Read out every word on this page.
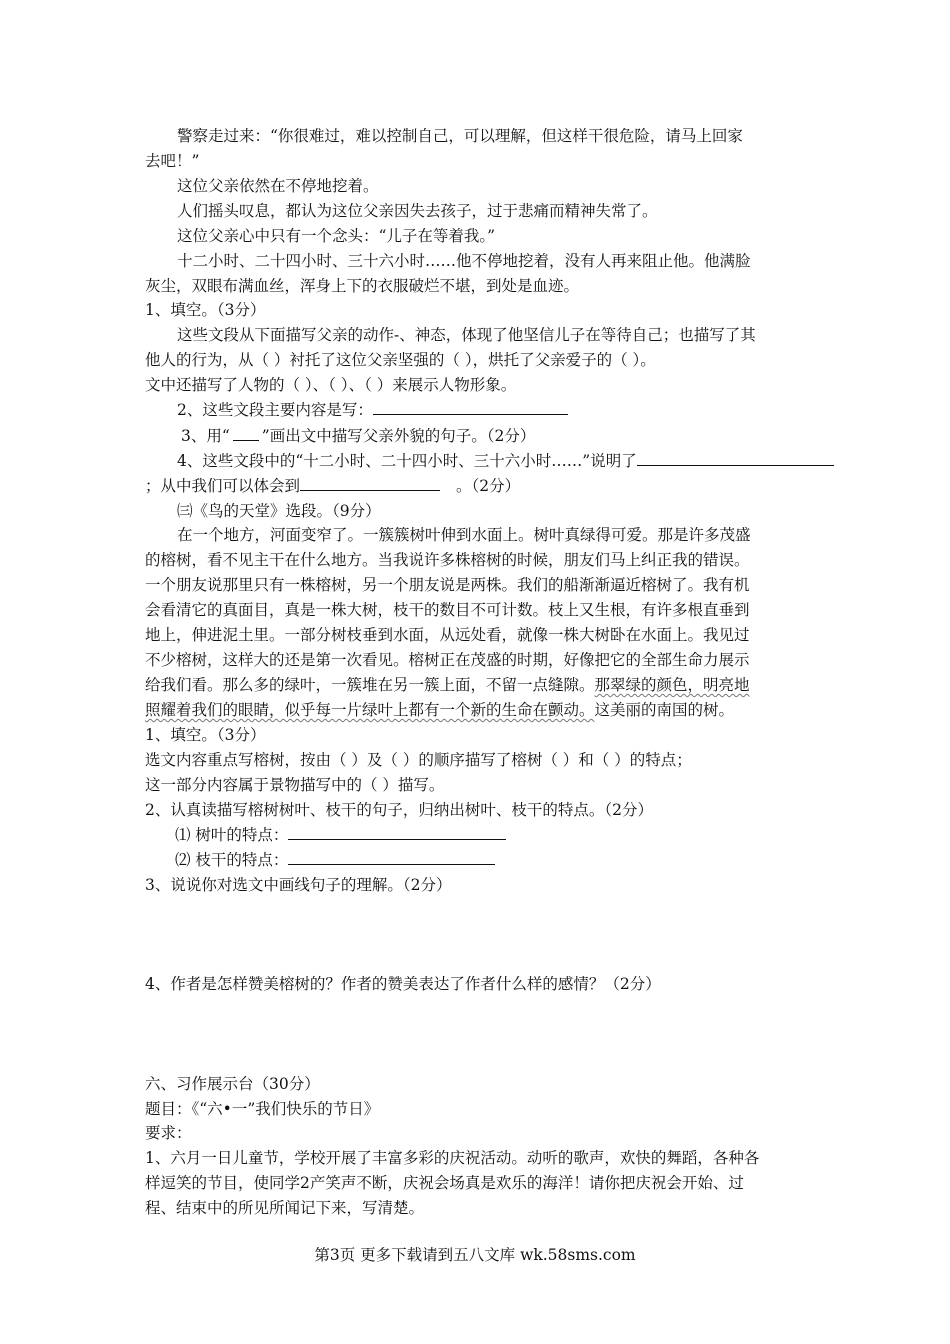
警察走过来：“你很难过，难以控制自己，可以理解，但这样干很危险，请马上回家
去吧！”
这位父亲依然在不停地挖着。
人们摇头叹息，都认为这位父亲因失去孩子，过于悲痛而精神失常了。
这位父亲心中只有一个念头：“儿子在等着我。”
十二小时、二十四小时、三十六小时……他不停地挖着，没有人再来阻止他。他满脸
灰尘，双眼布满血丝，浑身上下的衣服破烂不堪，到处是血迹。
1、填空。（3分）
这些文段从下面描写父亲的动作-、神态，体现了他坚信儿子在等待自己；也描写了其
他人的行为，从（ ）衬托了这位父亲坚强的（ ），烘托了父亲爱子的（ ）。
文中还描写了人物的（ ）、（ ）、（ ）来展示人物形象。
2、这些文段主要内容是写：
3、用“ ”画出文中描写父亲外貌的句子。（2分）
4、这些文段中的“十二小时、二十四小时、三十六小时……”说明了
；从中我们可以体会到	。（2分）
㈢《鸟的天堂》选段。（9分）
在一个地方，河面变窄了。一簇簇树叶伸到水面上。树叶真绿得可爱。那是许多茂盛
的榕树，看不见主干在什么地方。当我说许多株榕树的时候，朋友们马上纠正我的错误。
一个朋友说那里只有一株榕树，另一个朋友说是两株。我们的船渐渐逼近榕树了。我有机
会看清它的真面目，真是一株大树，枝干的数目不可计数。枝上又生根，有许多根直垂到
地上，伸进泥土里。一部分树枝垂到水面，从远处看，就像一株大树卧在水面上。我见过
不少榕树，这样大的还是第一次看见。榕树正在茂盛的时期，好像把它的全部生命力展示
给我们看。那么多的绿叶，一簇堆在另一簇上面，不留一点缝隙。那翠绿的颜色，明亮地
照耀着我们的眼睛，似乎每一片绿叶上都有一个新的生命在颤动。这美丽的南国的树。
1、填空。（3分）
选文内容重点写榕树，按由（ ）及（ ）的顺序描写了榕树（ ）和（ ）的特点；
这一部分内容属于景物描写中的（ ）描写。
2、认真读描写榕树树叶、枝干的句子，归纳出树叶、枝干的特点。（2分）
⑴ 树叶的特点：
⑵ 枝干的特点：
3、说说你对选文中画线句子的理解。（2分）
4、作者是怎样赞美榕树的？作者的赞美表达了作者什么样的感情？（2分）
六、习作展示台（30分）
题目：《“六•一”我们快乐的节日》
要求：
1、六月一日儿童节，学校开展了丰富多彩的庆祝活动。动听的歌声，欢快的舞蹈，各种各
样逗笑的节目，使同学2产笑声不断，庆祝会场真是欢乐的海洋！请你把庆祝会开始、过
程、结束中的所见所闻记下来，写清楚。
第3页 更多下载请到五八文库 wk.58sms.com
